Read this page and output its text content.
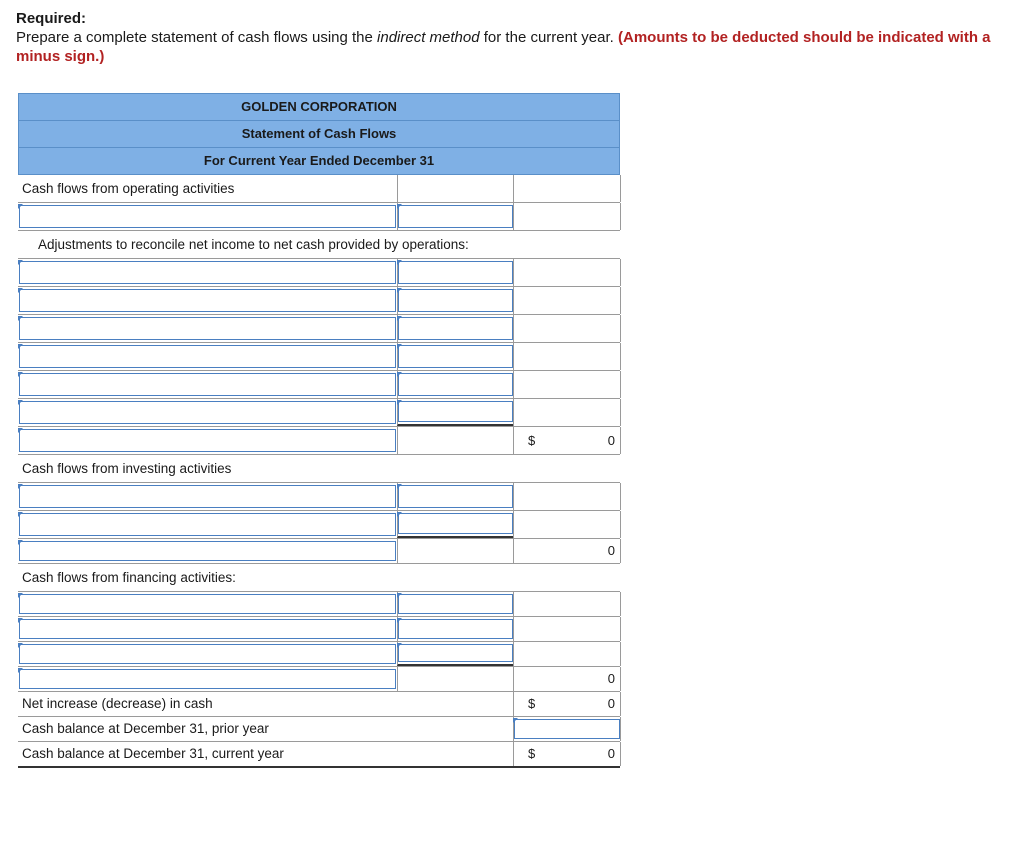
Required:
Prepare a complete statement of cash flows using the indirect method for the current year. (Amounts to be deducted should be indicated with a minus sign.)
GOLDEN CORPORATION
Statement of Cash Flows
For Current Year Ended December 31
Cash flows from operating activities
Adjustments to reconcile net income to net cash provided by operations:
$	0
Cash flows from investing activities
0
Cash flows from financing activities:
0
Net increase (decrease) in cash	$	0
Cash balance at December 31, prior year
Cash balance at December 31, current year	$	0
